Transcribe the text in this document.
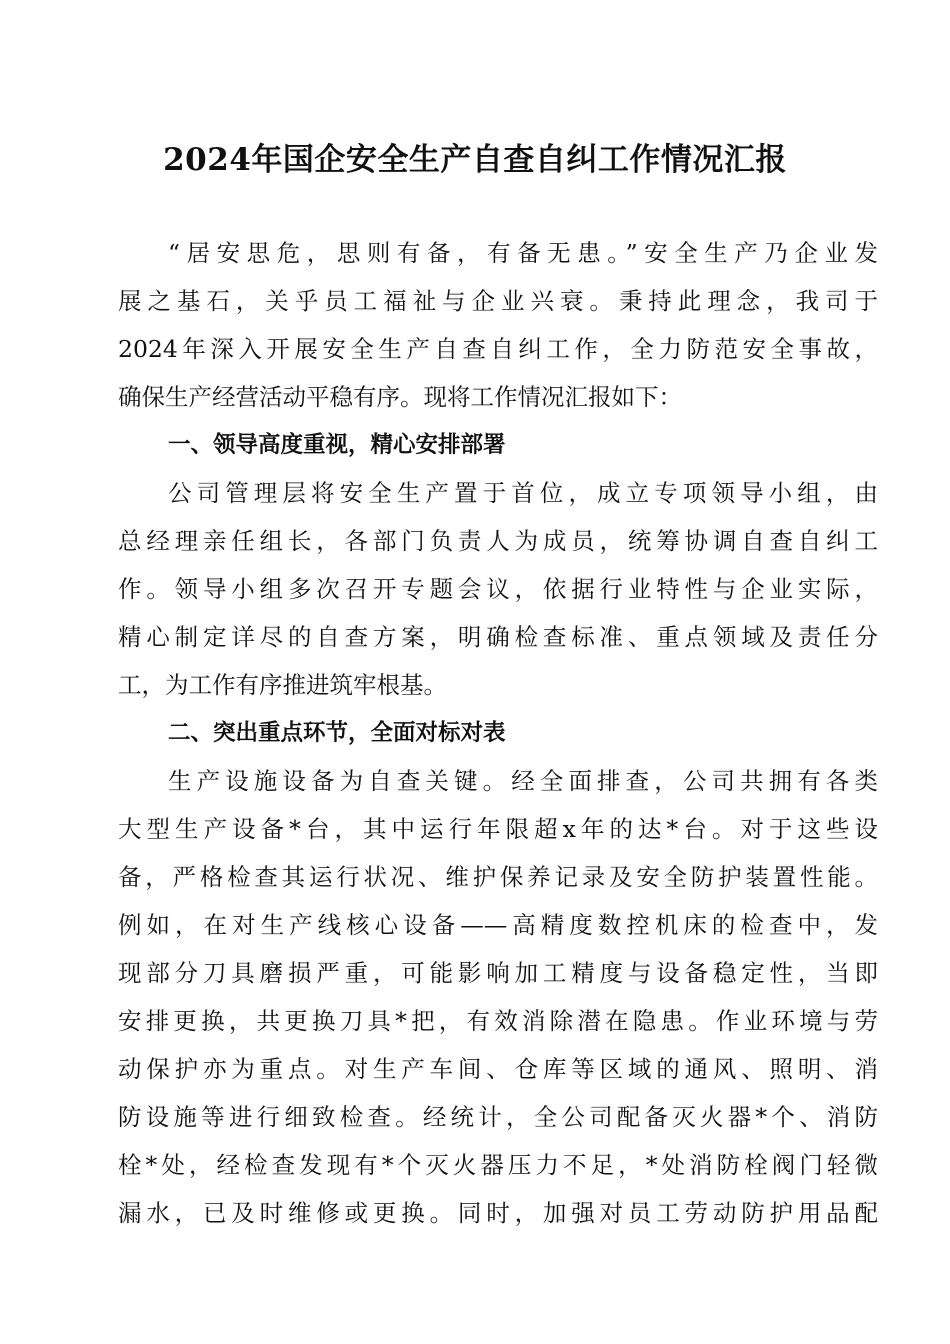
2024年国企安全生产自查自纠工作情况汇报

“居安思危，思则有备，有备无患。”安全生产乃企业发

展之基石，关乎员工福祉与企业兴衰。秉持此理念，我司于

2024年深入开展安全生产自查自纠工作，全力防范安全事故，

确保生产经营活动平稳有序。现将工作情况汇报如下：

一、领导高度重视，精心安排部署

公司管理层将安全生产置于首位，成立专项领导小组，由

总经理亲任组长，各部门负责人为成员，统筹协调自查自纠工

作。领导小组多次召开专题会议，依据行业特性与企业实际，

精心制定详尽的自查方案，明确检查标准、重点领域及责任分

工，为工作有序推进筑牢根基。

二、突出重点环节，全面对标对表

生产设施设备为自查关键。经全面排查，公司共拥有各类

大型生产设备*台，其中运行年限超x年的达*台。对于这些设

备，严格检查其运行状况、维护保养记录及安全防护装置性能。

例如，在对生产线核心设备——高精度数控机床的检查中，发

现部分刀具磨损严重，可能影响加工精度与设备稳定性，当即

安排更换，共更换刀具*把，有效消除潜在隐患。作业环境与劳

动保护亦为重点。对生产车间、仓库等区域的通风、照明、消

防设施等进行细致检查。经统计，全公司配备灭火器*个、消防

栓*处，经检查发现有*个灭火器压力不足，*处消防栓阀门轻微

漏水，已及时维修或更换。同时，加强对员工劳动防护用品配
